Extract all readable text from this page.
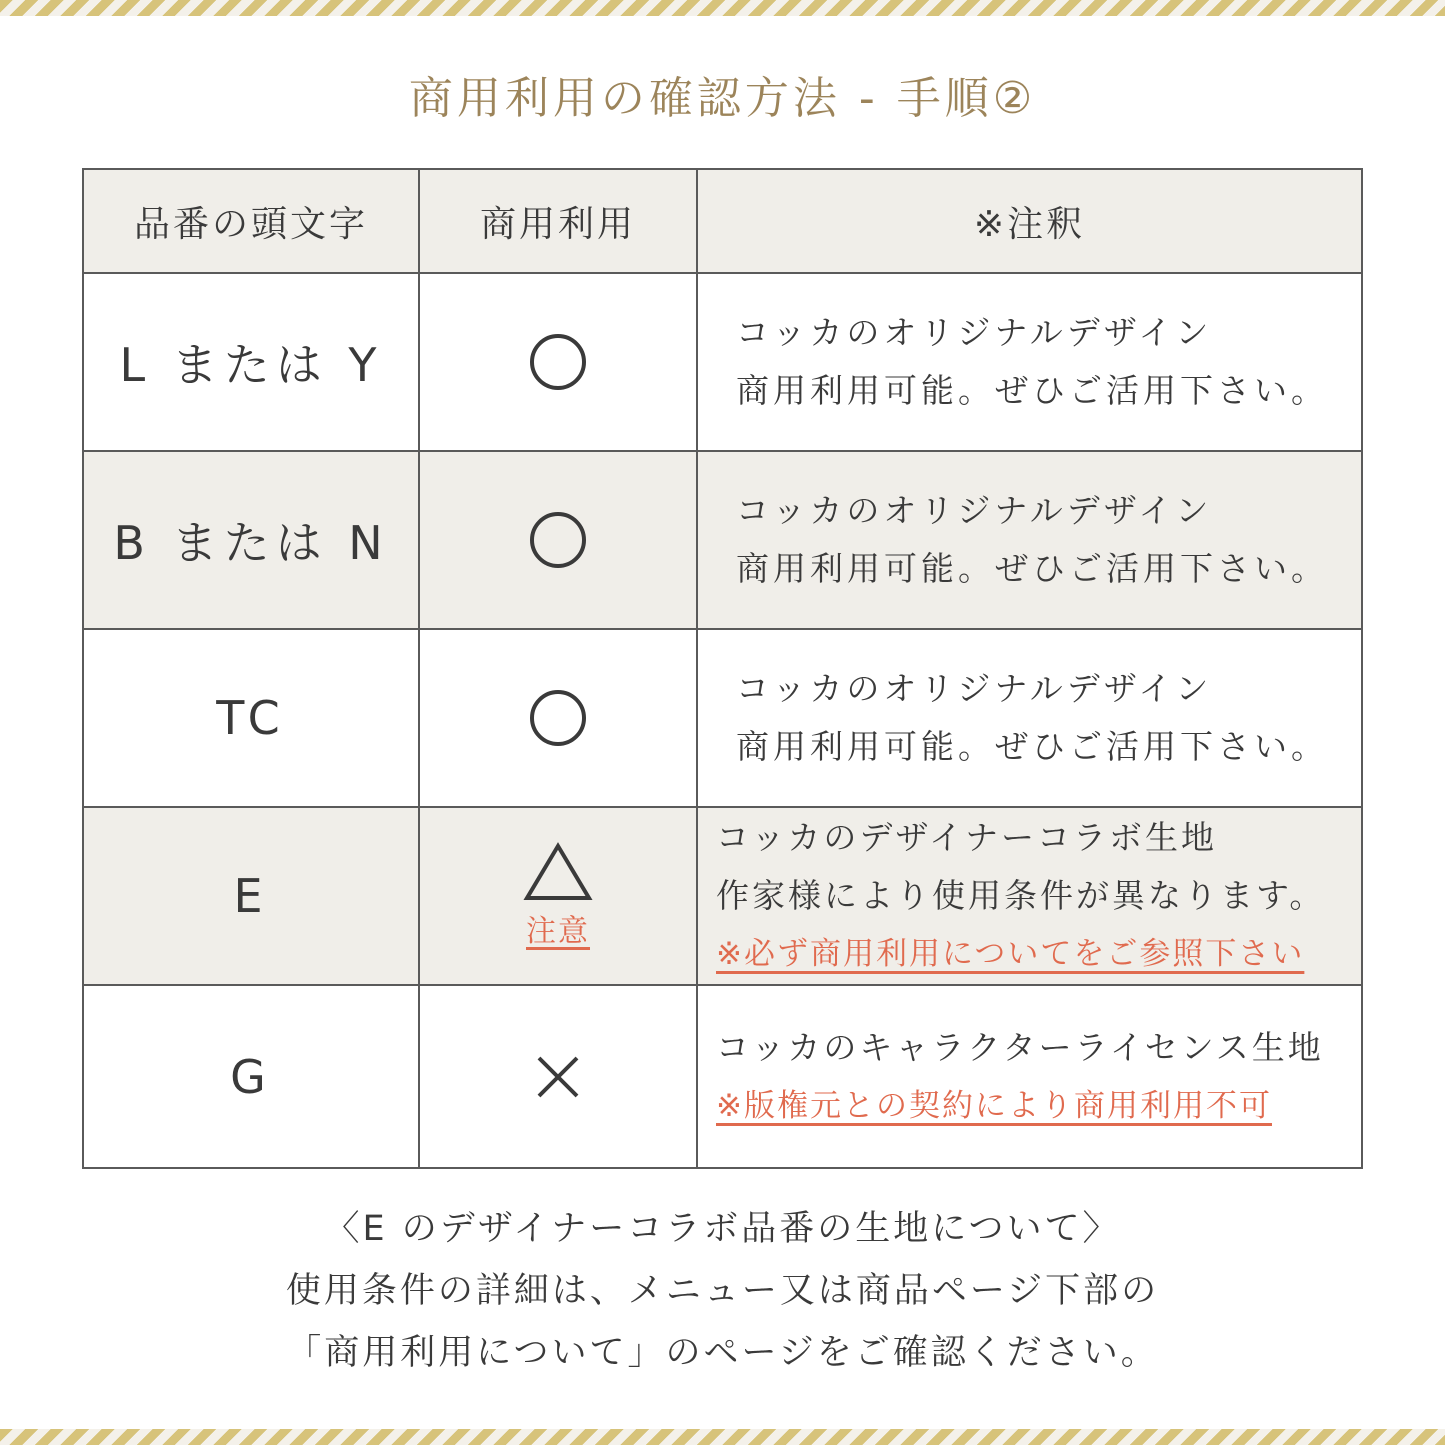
商用利用の確認方法 - 手順②
品番の頭文字	商用利用	※注釈
L または Y		コッカのオリジナルデザイン
商用利用可能。ぜひご活用下さい。

B または N		コッカのオリジナルデザイン
商用利用可能。ぜひご活用下さい。

TC		コッカのオリジナルデザイン
商用利用可能。ぜひご活用下さい。

E	注意	コッカのデザイナーコラボ生地
作家様により使用条件が異なります。
※必ず商用利用についてをご参照下さい

G		コッカのキャラクターライセンス生地
※版権元との契約により商用利用不可
〈E のデザイナーコラボ品番の生地について〉
使用条件の詳細は、メニュー又は商品ページ下部の
「商用利用について」のページをご確認ください。
